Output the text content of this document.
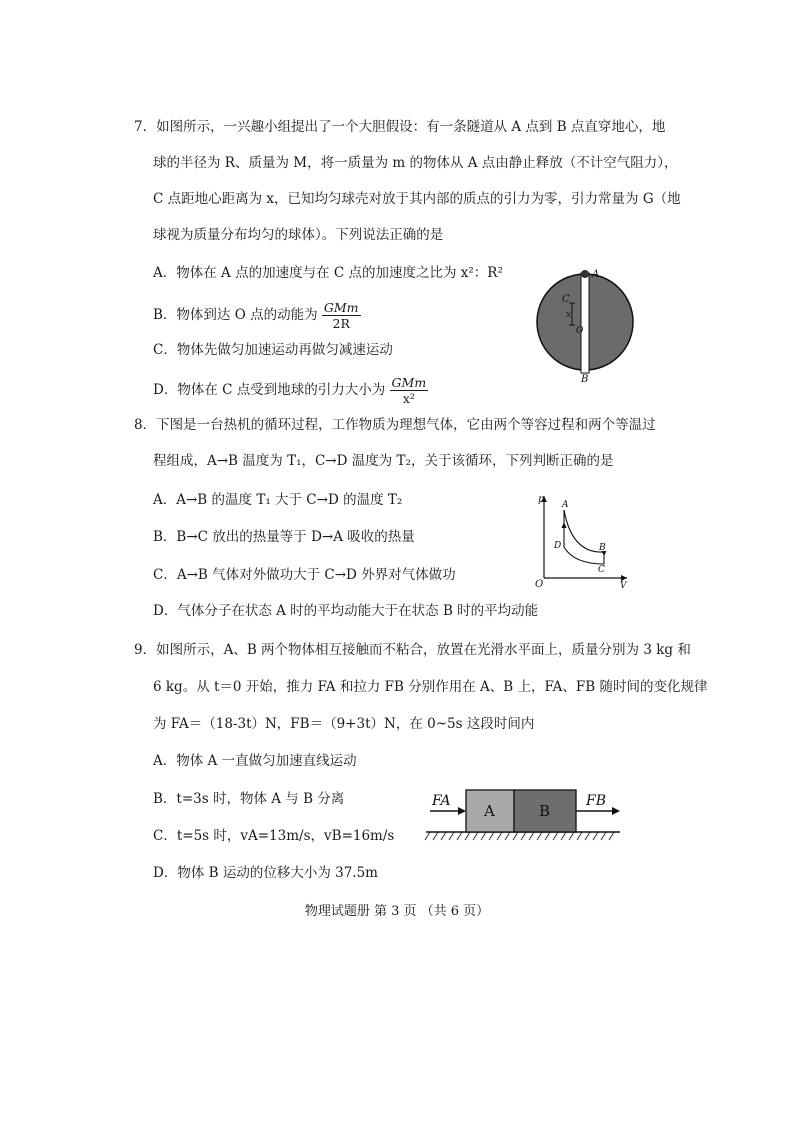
7．如图所示，一兴趣小组提出了一个大胆假设：有一条隧道从 A 点到 B 点直穿地心，地
球的半径为 R、质量为 M，将一质量为 m 的物体从 A 点由静止释放（不计空气阻力），
C 点距地心距离为 x，已知均匀球壳对放于其内部的质点的引力为零，引力常量为 G（地
球视为质量分布均匀的球体）。下列说法正确的是
A．物体在 A 点的加速度与在 C 点的加速度之比为 x²：R²
B．物体到达 O 点的动能为 $\frac{\text{GMm}}{2R}$
C．物体先做匀加速运动再做匀减速运动
D．物体在 C 点受到地球的引力大小为 $\frac{\text{GMm}}{\text{x²}}$
A
C
x
O
B
8．下图是一台热机的循环过程，工作物质为理想气体，它由两个等容过程和两个等温过
程组成，A→B 温度为 T₁，C→D 温度为 T₂，关于该循环，下列判断正确的是
A．A→B 的温度 T₁ 大于 C→D 的温度 T₂
B．B→C 放出的热量等于 D→A 吸收的热量
C．A→B 气体对外做功大于 C→D 外界对气体做功
D．气体分子在状态 A 时的平均动能大于在状态 B 时的平均动能
p
V
O
A
B
C
D
9．如图所示，A、B 两个物体相互接触而不粘合，放置在光滑水平面上，质量分别为 3 kg 和
6 kg。从 t＝0 开始，推力 FA 和拉力 FB 分别作用在 A、B 上，FA、FB 随时间的变化规律
为 FA＝（18-3t）N，FB＝（9+3t）N，在 0~5s 这段时间内
A．物体 A 一直做匀加速直线运动
B．t=3s 时，物体 A 与 B 分离
C．t=5s 时，vA=13m/s，vB=16m/s
D．物体 B 运动的位移大小为 37.5m
A	B
FA	FB
物理试题册 第 3 页 （共 6 页）
